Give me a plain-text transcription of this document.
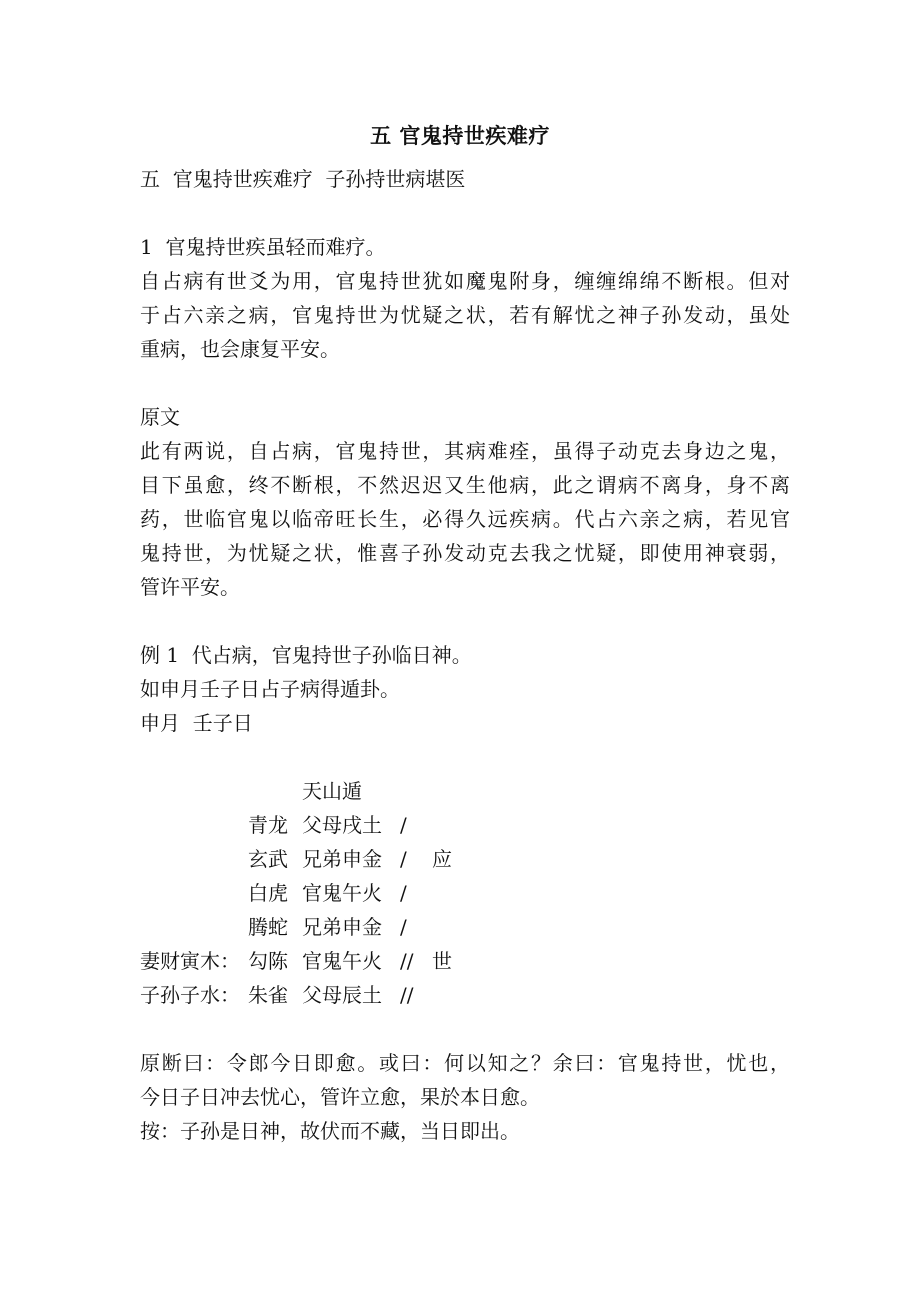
五 官鬼持世疾难疗
五  官鬼持世疾难疗  子孙持世病堪医
1  官鬼持世疾虽轻而难疗。
自占病有世爻为用，官鬼持世犹如魔鬼附身，缠缠绵绵不断根。但对
于占六亲之病，官鬼持世为忧疑之状，若有解忧之神子孙发动，虽处
重病，也会康复平安。
原文
此有两说，自占病，官鬼持世，其病难痊，虽得子动克去身边之鬼，
目下虽愈，终不断根，不然迟迟又生他病，此之谓病不离身，身不离
药，世临官鬼以临帝旺长生，必得久远疾病。代占六亲之病，若见官
鬼持世，为忧疑之状，惟喜子孙发动克去我之忧疑，即使用神衰弱，
管许平安。
例 1  代占病，官鬼持世子孙临日神。
如申月壬子日占子病得遁卦。
申月  壬子日

天山遁

青龙

父母戌土

/

玄武

兄弟申金

/

应

白虎

官鬼午火

/

腾蛇

兄弟申金

/

妻财寅木：

勾陈

官鬼午火

//

世

子孙子水：

朱雀

父母辰土

//

原断曰：令郎今日即愈。或曰：何以知之？余曰：官鬼持世，忧也，
今日子日冲去忧心，管许立愈，果於本日愈。
按：子孙是日神，故伏而不藏，当日即出。
